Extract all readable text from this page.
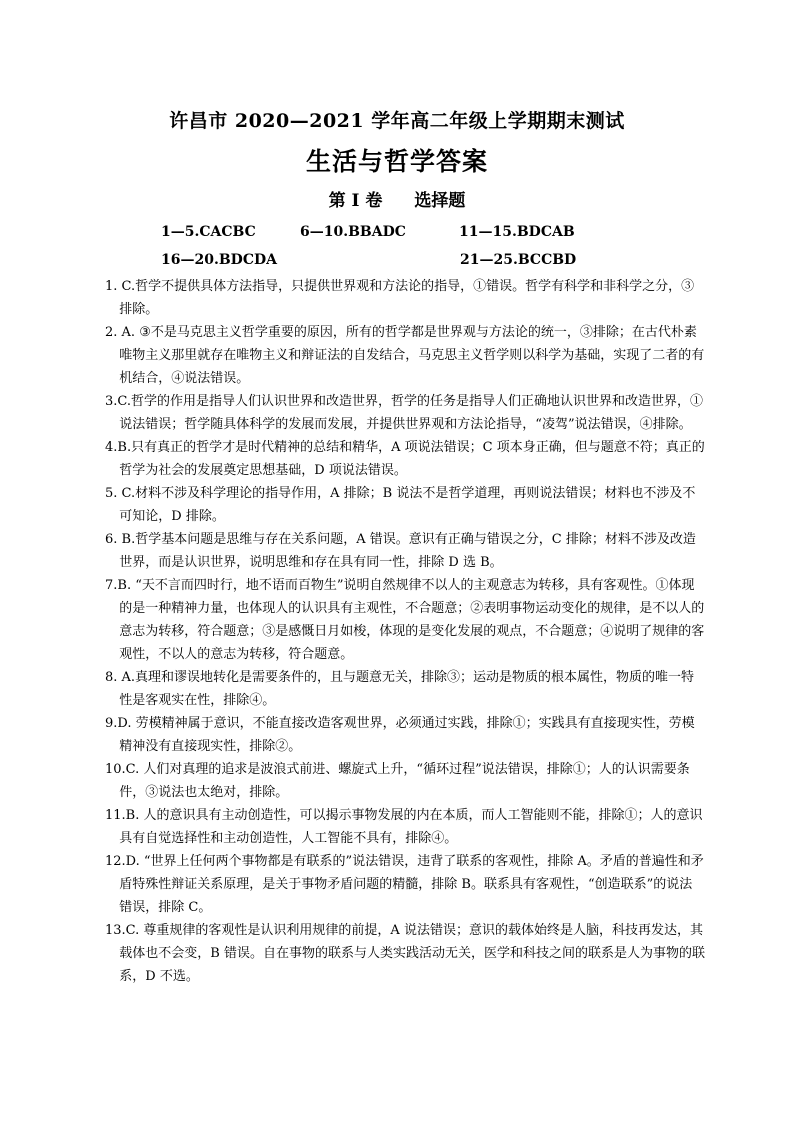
许昌市 2020—2021 学年高二年级上学期期末测试
生活与哲学答案
第 I 卷 选择题
1—5.CACBC	6—10.BBADC	11—15.BDCAB
16—20.BDCDA	21—25.BCCBD
1. C.哲学不提供具体方法指导，只提供世界观和方法论的指导，①错误。哲学有科学和非科学之分，③排除。
2. A. ③不是马克思主义哲学重要的原因，所有的哲学都是世界观与方法论的统一，③排除；在古代朴素唯物主义那里就存在唯物主义和辩证法的自发结合，马克思主义哲学则以科学为基础，实现了二者的有机结合，④说法错误。
3.C.哲学的作用是指导人们认识世界和改造世界，哲学的任务是指导人们正确地认识世界和改造世界，①说法错误；哲学随具体科学的发展而发展，并提供世界观和方法论指导，“凌驾”说法错误，④排除。
4.B.只有真正的哲学才是时代精神的总结和精华，A 项说法错误；C 项本身正确，但与题意不符；真正的哲学为社会的发展奠定思想基础，D 项说法错误。
5. C.材料不涉及科学理论的指导作用，A 排除；B 说法不是哲学道理，再则说法错误；材料也不涉及不可知论，D 排除。
6. B.哲学基本问题是思维与存在关系问题，A 错误。意识有正确与错误之分，C 排除；材料不涉及改造世界，而是认识世界，说明思维和存在具有同一性，排除 D 选 B。
7.B. “天不言而四时行，地不语而百物生”说明自然规律不以人的主观意志为转移，具有客观性。①体现的是一种精神力量，也体现人的认识具有主观性，不合题意；②表明事物运动变化的规律，是不以人的意志为转移，符合题意；③是感慨日月如梭，体现的是变化发展的观点，不合题意；④说明了规律的客观性，不以人的意志为转移，符合题意。
8. A.真理和谬误地转化是需要条件的，且与题意无关，排除③；运动是物质的根本属性，物质的唯一特性是客观实在性，排除④。
9.D. 劳模精神属于意识，不能直接改造客观世界，必须通过实践，排除①；实践具有直接现实性，劳模精神没有直接现实性，排除②。
10.C. 人们对真理的追求是波浪式前进、螺旋式上升，“循环过程”说法错误，排除①；人的认识需要条件，③说法也太绝对，排除。
11.B. 人的意识具有主动创造性，可以揭示事物发展的内在本质，而人工智能则不能，排除①；人的意识具有自觉选择性和主动创造性，人工智能不具有，排除④。
12.D. “世界上任何两个事物都是有联系的”说法错误，违背了联系的客观性，排除 A。矛盾的普遍性和矛盾特殊性辩证关系原理，是关于事物矛盾问题的精髓，排除 B。联系具有客观性，“创造联系”的说法错误，排除 C。
13.C. 尊重规律的客观性是认识利用规律的前提，A 说法错误；意识的载体始终是人脑，科技再发达，其载体也不会变，B 错误。自在事物的联系与人类实践活动无关，医学和科技之间的联系是人为事物的联系，D 不选。
